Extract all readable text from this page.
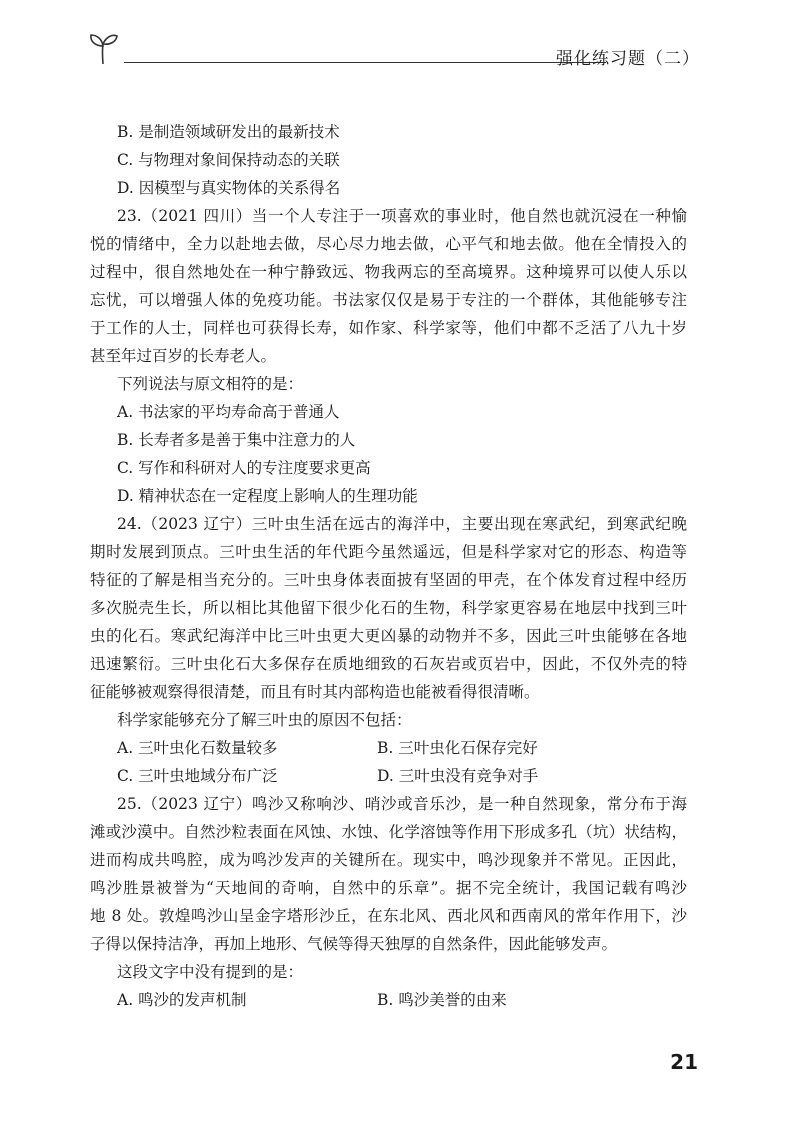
强化练习题（二）
B. 是制造领域研发出的最新技术
C. 与物理对象间保持动态的关联
D. 因模型与真实物体的关系得名
23.（2021 四川）当一个人专注于一项喜欢的事业时，他自然也就沉浸在一种愉
悦的情绪中，全力以赴地去做，尽心尽力地去做，心平气和地去做。他在全情投入的
过程中，很自然地处在一种宁静致远、物我两忘的至高境界。这种境界可以使人乐以
忘忧，可以增强人体的免疫功能。书法家仅仅是易于专注的一个群体，其他能够专注
于工作的人士，同样也可获得长寿，如作家、科学家等，他们中都不乏活了八九十岁
甚至年过百岁的长寿老人。
下列说法与原文相符的是：
A. 书法家的平均寿命高于普通人
B. 长寿者多是善于集中注意力的人
C. 写作和科研对人的专注度要求更高
D. 精神状态在一定程度上影响人的生理功能
24.（2023 辽宁）三叶虫生活在远古的海洋中，主要出现在寒武纪，到寒武纪晚
期时发展到顶点。三叶虫生活的年代距今虽然遥远，但是科学家对它的形态、构造等
特征的了解是相当充分的。三叶虫身体表面披有坚固的甲壳，在个体发育过程中经历
多次脱壳生长，所以相比其他留下很少化石的生物，科学家更容易在地层中找到三叶
虫的化石。寒武纪海洋中比三叶虫更大更凶暴的动物并不多，因此三叶虫能够在各地
迅速繁衍。三叶虫化石大多保存在质地细致的石灰岩或页岩中，因此，不仅外壳的特
征能够被观察得很清楚，而且有时其内部构造也能被看得很清晰。
科学家能够充分了解三叶虫的原因不包括：
A. 三叶虫化石数量较多	B. 三叶虫化石保存完好
C. 三叶虫地域分布广泛	D. 三叶虫没有竞争对手
25.（2023 辽宁）鸣沙又称响沙、哨沙或音乐沙，是一种自然现象，常分布于海
滩或沙漠中。自然沙粒表面在风蚀、水蚀、化学溶蚀等作用下形成多孔（坑）状结构，
进而构成共鸣腔，成为鸣沙发声的关键所在。现实中，鸣沙现象并不常见。正因此，
鸣沙胜景被誉为“天地间的奇响，自然中的乐章”。据不完全统计，我国记载有鸣沙
地 8 处。敦煌鸣沙山呈金字塔形沙丘，在东北风、西北风和西南风的常年作用下，沙
子得以保持洁净，再加上地形、气候等得天独厚的自然条件，因此能够发声。
这段文字中没有提到的是：
A. 鸣沙的发声机制	B. 鸣沙美誉的由来
21
